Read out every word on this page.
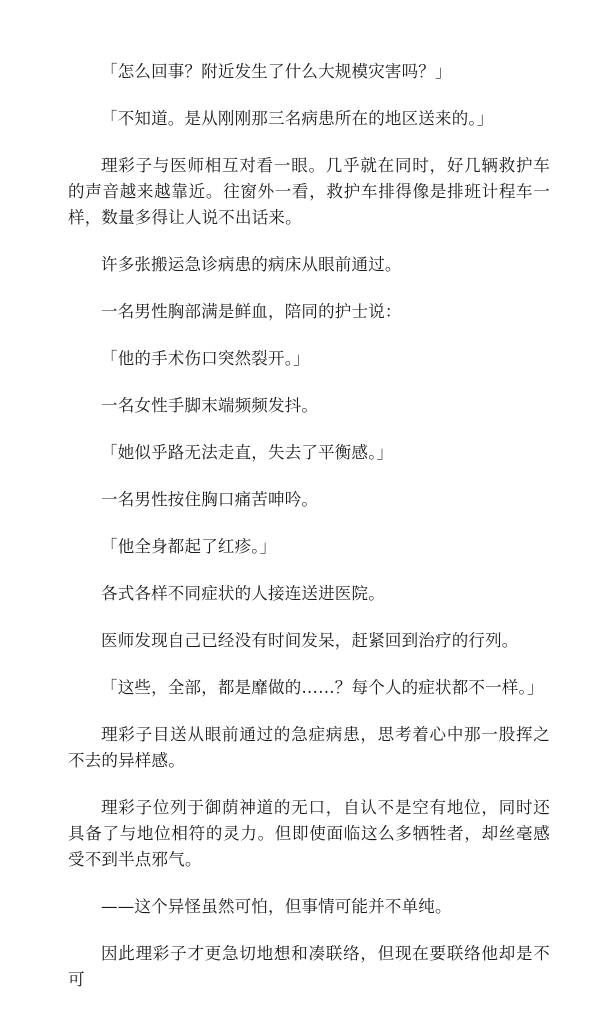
「怎么回事？附近发生了什么大规模灾害吗？」

「不知道。是从刚刚那三名病患所在的地区送来的。」

理彩子与医师相互对看一眼。几乎就在同时，好几辆救护车的声音越来越靠近。往窗外一看，救护车排得像是排班计程车一样，数量多得让人说不出话来。

许多张搬运急诊病患的病床从眼前通过。

一名男性胸部满是鲜血，陪同的护士说：

「他的手术伤口突然裂开。」

一名女性手脚末端频频发抖。

「她似乎路无法走直，失去了平衡感。」

一名男性按住胸口痛苦呻吟。

「他全身都起了红疹。」

各式各样不同症状的人接连送进医院。

医师发现自己已经没有时间发呆，赶紧回到治疗的行列。

「这些，全部，都是靡做的……？每个人的症状都不一样。」

理彩子目送从眼前通过的急症病患，思考着心中那一股挥之不去的异样感。

理彩子位列于御荫神道的无口，自认不是空有地位，同时还具备了与地位相符的灵力。但即使面临这么多牺牲者，却丝毫感受不到半点邪气。

——这个异怪虽然可怕，但事情可能并不单纯。

因此理彩子才更急切地想和凑联络，但现在要联络他却是不可
